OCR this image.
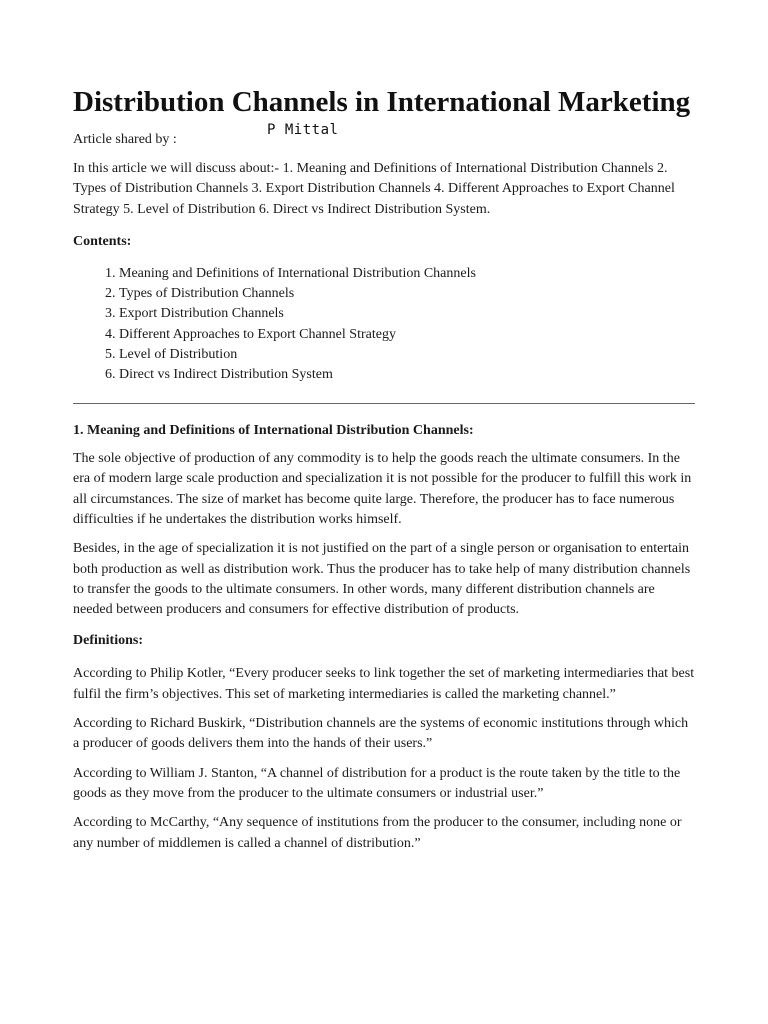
Distribution Channels in International Marketing
Article shared by :
P Mittal

In this article we will discuss about:- 1. Meaning and Definitions of International Distribution Channels 2. Types of Distribution Channels 3. Export Distribution Channels 4. Different Approaches to Export Channel Strategy 5. Level of Distribution 6. Direct vs Indirect Distribution System.

Contents:

1. Meaning and Definitions of International Distribution Channels
2. Types of Distribution Channels
3. Export Distribution Channels
4. Different Approaches to Export Channel Strategy
5. Level of Distribution
6. Direct vs Indirect Distribution System

1. Meaning and Definitions of International Distribution Channels:

The sole objective of production of any commodity is to help the goods reach the ultimate consumers. In the era of modern large scale production and specialization it is not possible for the producer to fulfill this work in all circumstances. The size of market has become quite large. Therefore, the producer has to face numerous difficulties if he undertakes the distribution works himself.

Besides, in the age of specialization it is not justified on the part of a single person or organisation to entertain both production as well as distribution work. Thus the producer has to take help of many distribution channels to transfer the goods to the ultimate consumers. In other words, many different distribution channels are needed between producers and consumers for effective distribution of products.

Definitions:

According to Philip Kotler, “Every producer seeks to link together the set of marketing intermediaries that best fulfil the firm’s objectives. This set of marketing intermediaries is called the marketing channel.”

According to Richard Buskirk, “Distribution channels are the systems of economic institutions through which a producer of goods delivers them into the hands of their users.”

According to William J. Stanton, “A channel of distribution for a product is the route taken by the title to the goods as they move from the producer to the ultimate consumers or industrial user.”

According to McCarthy, “Any sequence of institutions from the producer to the consumer, including none or any number of middlemen is called a channel of distribution.”
